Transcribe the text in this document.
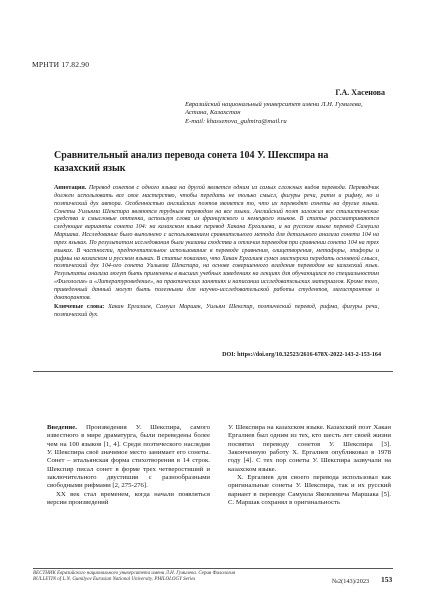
МРНТИ 17.82.90
Г.А. Хасенова
Евразийский национальный университет имени Л.Н. Гумилева,
Астана, Казахстан
E-mail: khassenova_gulmira@mail.ru
Сравнительный анализ перевода сонета 104 У. Шекспира на казахский язык

Аннотация. Перевод сонетов с одного языка на другой является одним из самых сложных видов перевода. Переводчик должен использовать все свое мастерство, чтобы передать не только смысл, фигуры речи, ритм и рифму, но и поэтический дух автора. Особенностью английских поэтов является то, что их переводят сонеты на другие языки. Сонеты Уильяма Шекспира являются трудным переводом на все языки. Английский поэт заложил все стилистические средства и смысловые оттенки, используя слова из французского и немецкого языков. В статье рассматриваются следующие варианты сонета 104: на казахском языке перевод Хакана Ергалиева, и на русском языке перевод Самуила Маршака. Исследование было выполнено с использованием сравнительного метода для детального анализа сонета 104 на трех языках. По результатам исследования были указаны сходства и отличия переводов при сравнении сонета 104 на трех языках. В частности, предпочтительное использование в переводе сравнения, олицетворения, метафоры, эпифоры и рифмы на казахском и русском языках. В статье показано, что Хакан Ергалиев сумел мастерски передать основной смысл, поэтический дух 104-ого сонета Уильяма Шекспира, на основе совершенного владения переводом на казахский язык. Результаты анализа могут быть применены в высших учебных заведениях на лекциях для обучающихся по специальностям «Филология» и «Литературоведение», на практических занятиях и написании исследовательских материалов. Кроме того, приведенный данный могут быть полезными для научно-исследовательской работы студентов, магистрантов и докторантов.

Ключевые слова: Хакан Ергалиев, Самуил Маршак, Уильям Шекспир, поэтический перевод, рифма, фигуры речи, поэтический дух.

DOI: https://doi.org/10.32523/2616-678X-2022-143-2-153-164

Введение. Произведения У. Шекспира, самого известного в мире драматурга, были переведены более чем на 100 языков [1, 4]. Среди поэтического наследия У. Шекспира своё значимое место занимает его сонеты. Сонет – итальянская форма стихотворения в 14 строк. Шекспир писал сонет в форме трех четверостиший и заключительного двустишия с разнообразными свободными рифмами [2, 275-276].

XX век стал временем, когда начали появляться версии произведений

У. Шекспира на казахском языке. Казахский поэт Хакан Ергалиев был одним из тех, кто шесть лет своей жизни посвятил переводу сонетов У. Шекспира [3]. Законченную работу Х. Ергалиев опубликовал в 1978 году [4]. С тех пор сонеты У. Шекспира зазвучали на казахском языке.

Х. Ергалиев для своего перевода использовал как оригинальные сонеты У. Шекспира, так и их русский вариант в переводе Самуила Яковлевича Маршака [5]. С. Маршак сохранял в оригинальность

ВЕСТНИК Евразийского национального университета имени Л.Н. Гумилева. Серия Филология
BULLETIN of L.N. Gumilyov Eurasian National University. PHILOLOGY Series	№2(143)/2023 153
